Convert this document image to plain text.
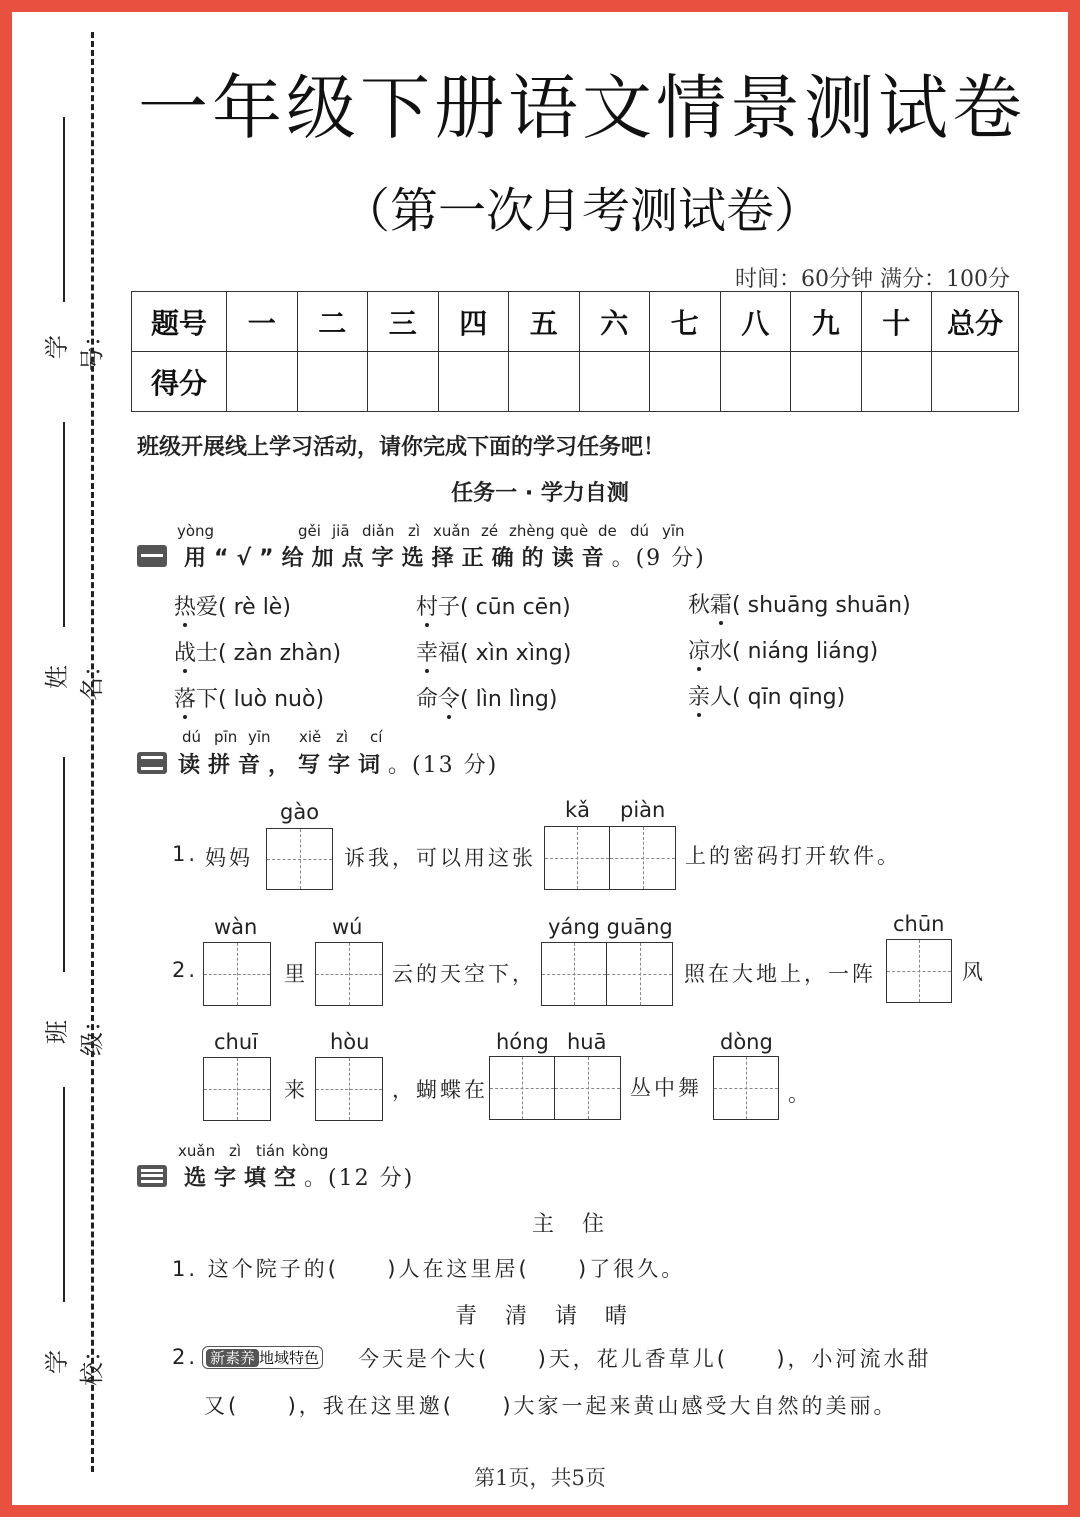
学号：
姓名：
班级：
学校：
一年级下册语文情景测试卷
（第一次月考测试卷）
时间：60分钟 满分：100分
题号	一	二	三	四	五	六	七	八	九	十	总分
得分											
班级开展线上学习活动，请你完成下面的学习任务吧！
任务一 · 学力自测
yòng	gěi jiā diǎn zì xuǎn zé zhèng què de dú yīn
用“√”给加点字选择正确的读音。(9 分)
热爱( rè lè)	村子( cūn cēn)	秋霜( shuāng shuān)
战士( zàn zhàn)	幸福( xìn xìng)	凉水( niáng liáng)
落下( luò nuò)	命令( lìn lìng)	亲人( qīn qīng)
dú pīn yīn xiě zì cí
读拼音，写字词。(13 分)
1. 妈妈
gào
诉我，可以用这张
kǎ piàn
上的密码打开软件。
2.
wàn
里
wú
云的天空下，
yáng guāng
照在大地上，一阵
chūn
风
chuī
来
hòu
，蝴蝶在
hóng huā
丛中舞
dòng
。
xuǎn zì tián kòng
选字填空。(12 分)
主    住
1. 这个院子的(     )人在这里居(     )了很久。
青    清    请    晴
2. 新素养 地域特色 今天是个大(     )天，花儿香草儿(     )，小河流水甜
又(     )，我在这里邀(     )大家一起来黄山感受大自然的美丽。
第1页，共5页
